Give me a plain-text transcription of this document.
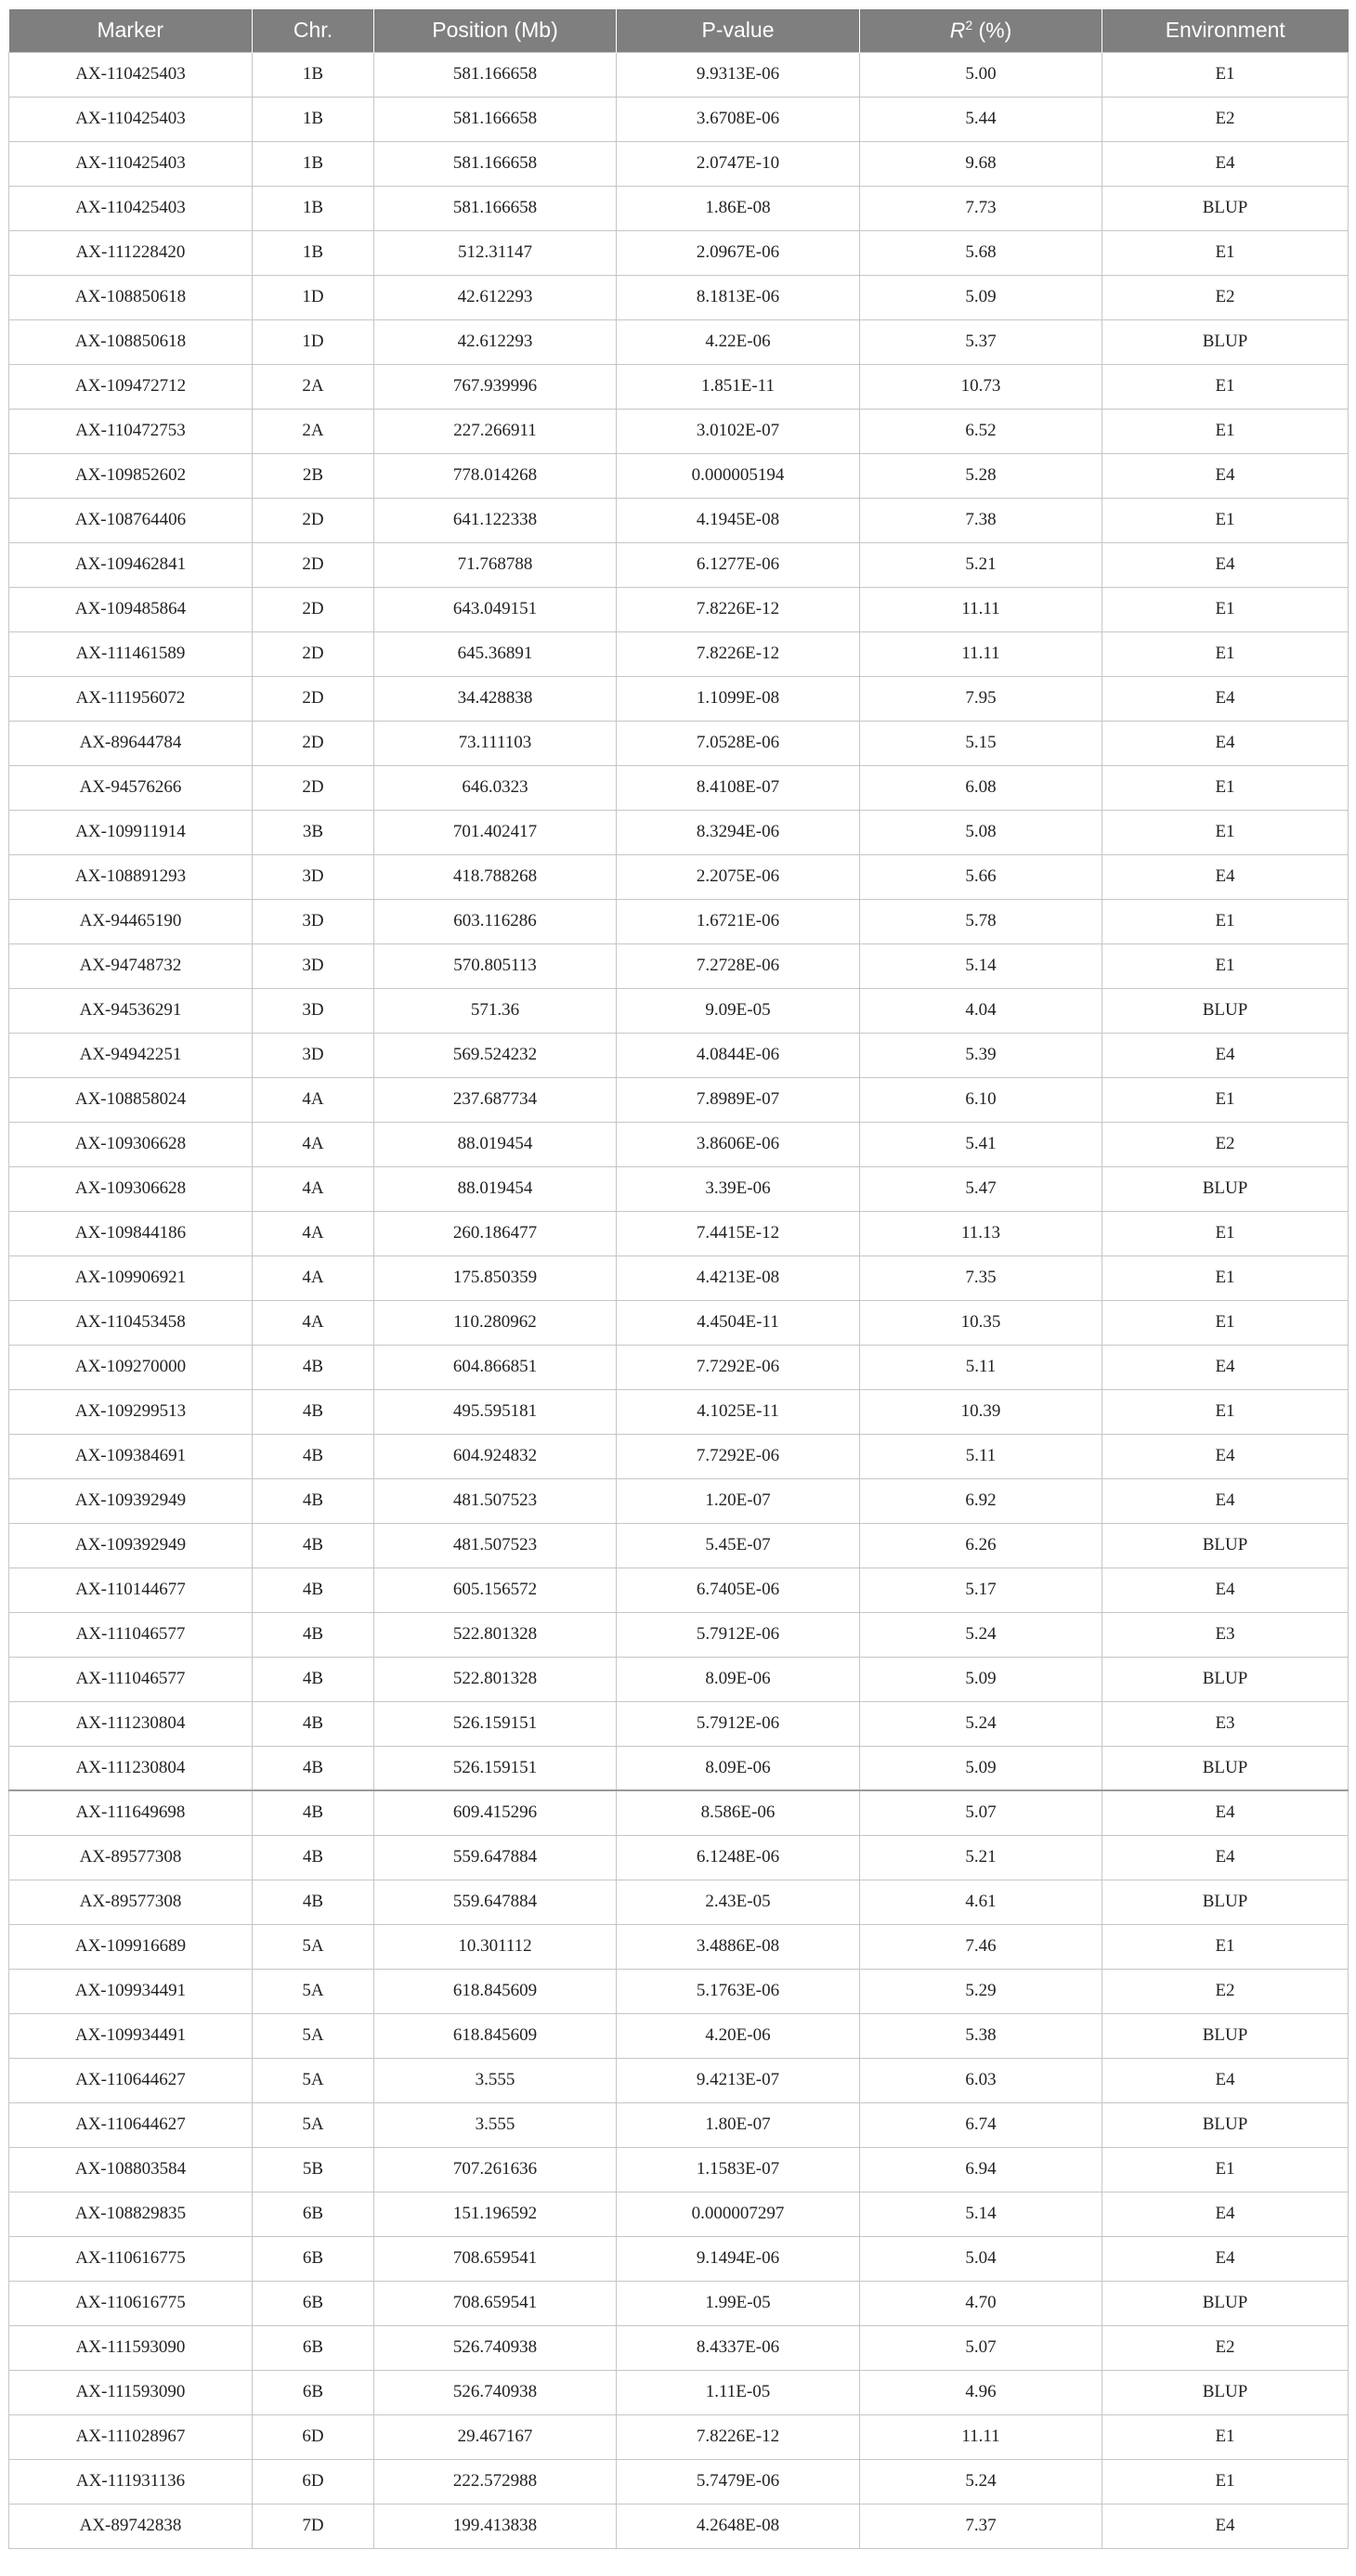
Marker	Chr.	Position (Mb)	P-value	$R^2$ (%)	Environment
AX-110425403	1B	581.166658	9.9313E-06	5.00	E1
AX-110425403	1B	581.166658	3.6708E-06	5.44	E2
AX-110425403	1B	581.166658	2.0747E-10	9.68	E4
AX-110425403	1B	581.166658	1.86E-08	7.73	BLUP
AX-111228420	1B	512.31147	2.0967E-06	5.68	E1
AX-108850618	1D	42.612293	8.1813E-06	5.09	E2
AX-108850618	1D	42.612293	4.22E-06	5.37	BLUP
AX-109472712	2A	767.939996	1.851E-11	10.73	E1
AX-110472753	2A	227.266911	3.0102E-07	6.52	E1
AX-109852602	2B	778.014268	0.000005194	5.28	E4
AX-108764406	2D	641.122338	4.1945E-08	7.38	E1
AX-109462841	2D	71.768788	6.1277E-06	5.21	E4
AX-109485864	2D	643.049151	7.8226E-12	11.11	E1
AX-111461589	2D	645.36891	7.8226E-12	11.11	E1
AX-111956072	2D	34.428838	1.1099E-08	7.95	E4
AX-89644784	2D	73.111103	7.0528E-06	5.15	E4
AX-94576266	2D	646.0323	8.4108E-07	6.08	E1
AX-109911914	3B	701.402417	8.3294E-06	5.08	E1
AX-108891293	3D	418.788268	2.2075E-06	5.66	E4
AX-94465190	3D	603.116286	1.6721E-06	5.78	E1
AX-94748732	3D	570.805113	7.2728E-06	5.14	E1
AX-94536291	3D	571.36	9.09E-05	4.04	BLUP
AX-94942251	3D	569.524232	4.0844E-06	5.39	E4
AX-108858024	4A	237.687734	7.8989E-07	6.10	E1
AX-109306628	4A	88.019454	3.8606E-06	5.41	E2
AX-109306628	4A	88.019454	3.39E-06	5.47	BLUP
AX-109844186	4A	260.186477	7.4415E-12	11.13	E1
AX-109906921	4A	175.850359	4.4213E-08	7.35	E1
AX-110453458	4A	110.280962	4.4504E-11	10.35	E1
AX-109270000	4B	604.866851	7.7292E-06	5.11	E4
AX-109299513	4B	495.595181	4.1025E-11	10.39	E1
AX-109384691	4B	604.924832	7.7292E-06	5.11	E4
AX-109392949	4B	481.507523	1.20E-07	6.92	E4
AX-109392949	4B	481.507523	5.45E-07	6.26	BLUP
AX-110144677	4B	605.156572	6.7405E-06	5.17	E4
AX-111046577	4B	522.801328	5.7912E-06	5.24	E3
AX-111046577	4B	522.801328	8.09E-06	5.09	BLUP
AX-111230804	4B	526.159151	5.7912E-06	5.24	E3
AX-111230804	4B	526.159151	8.09E-06	5.09	BLUP
AX-111649698	4B	609.415296	8.586E-06	5.07	E4
AX-89577308	4B	559.647884	6.1248E-06	5.21	E4
AX-89577308	4B	559.647884	2.43E-05	4.61	BLUP
AX-109916689	5A	10.301112	3.4886E-08	7.46	E1
AX-109934491	5A	618.845609	5.1763E-06	5.29	E2
AX-109934491	5A	618.845609	4.20E-06	5.38	BLUP
AX-110644627	5A	3.555	9.4213E-07	6.03	E4
AX-110644627	5A	3.555	1.80E-07	6.74	BLUP
AX-108803584	5B	707.261636	1.1583E-07	6.94	E1
AX-108829835	6B	151.196592	0.000007297	5.14	E4
AX-110616775	6B	708.659541	9.1494E-06	5.04	E4
AX-110616775	6B	708.659541	1.99E-05	4.70	BLUP
AX-111593090	6B	526.740938	8.4337E-06	5.07	E2
AX-111593090	6B	526.740938	1.11E-05	4.96	BLUP
AX-111028967	6D	29.467167	7.8226E-12	11.11	E1
AX-111931136	6D	222.572988	5.7479E-06	5.24	E1
AX-89742838	7D	199.413838	4.2648E-08	7.37	E4
